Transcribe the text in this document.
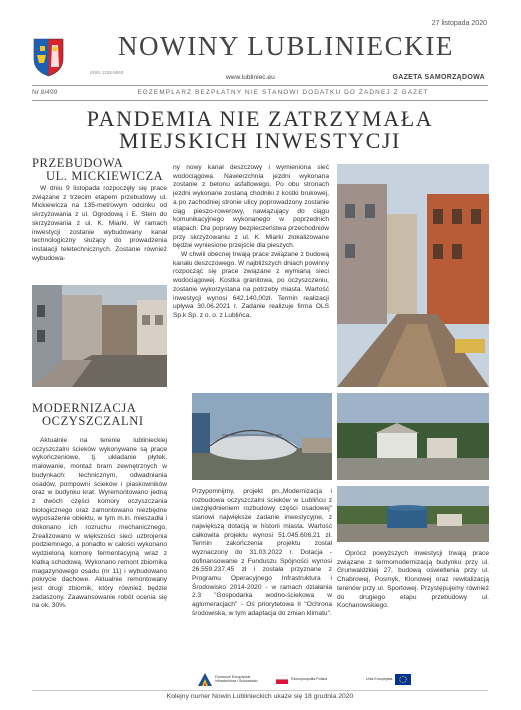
27 listopada 2020
NOWINY LUBLINIECKIE
ISSN 1234-5840
www.lubliniec.eu	GAZETA SAMORZĄDOWA
Nr 8/499	EGZEMPLARZ BEZPŁATNY NIE STANOWI DODATKU DO ŻADNEJ Z GAZET
PANDEMIA NIE ZATRZYMAŁA
MIEJSKICH INWESTYCJI
PRZEBUDOWA
UL. MICKIEWICZA

W dniu 9 listopada rozpoczęły się prace związane z trzecim etapem przebudowy ul. Mickiewicza na 135-metrowym odcinku od skrzyżowania z ul. Ogrodową i E. Stein do skrzyżowania z ul. K. Miarki. W ramach inwestycji zostanie wybudowany kanał technologiczny służący do prowadzenia instalacji teletechnicznych. Zostanie również wybudowa-

ny nowy kanał deszczowy i wymieniona sieć wodociągowa. Nawierzchnia jezdni wykonana zostanie z betonu asfaltowego. Po obu stronach jezdni wykonane zostaną chodniki z kostki brukowej, a po zachodniej stronie ulicy poprowadzony zostanie ciąg pieszo-rowerowy, nawiązujący do ciągu komunikacyjnego wykonanego w poprzednich etapach. Dla poprawy bezpieczeństwa przechodniów przy skrzyżowaniu z ul. K. Miarki zlokalizowane będzie wyniesione przejście dla pieszych.

W chwili obecnej trwają prace związane z budową kanału deszczowego. W najbliższych dniach powinny rozpocząć się prace związane z wymianą sieci wodociągowej. Kostka granitowa, po oczyszczeniu, zostanie wykorzystana na potrzeby miasta. Wartość inwestycji wynosi 642.140,00zł. Termin realizacji upływa 30.06.2021 r. Zadanie realizuje firma OLS Sp.k Sp. z o. o. z Lublińca.

MODERNIZACJA
OCZYSZCZALNI

Aktualnie na terenie lublinieckiej oczyszczalni ścieków wykonywane są prace wykończeniowe, tj. układanie płytek, malowanie, montaż bram zewnętrznych w budynkach: technicznym, odwadniania osadów, pompowni ścieków i piaskowników oraz w budynku krat. Wyremontowano jedną z dwóch części komory oczyszczania biologicznego oraz zamontowano niezbędne wyposażenie obiektu, w tym m.in. mieszadła i dokonano ich rozruchu mechanicznego. Zrealizowano w większości sieci uzbrojenia podziemnego, a ponadto w całości wykonano wydzieloną komorę fermentacyjną wraz z klatką schodową. Wykonano remont zbiornika magazynowego osadu (nr 11) i wybudowano pokrycie dachowe. Aktualnie remontowany jest drugi zbiornik, który również będzie zadaszony. Zaawansowanie robót ocenia się na ok. 30%.

Przypomnijmy, projekt pn.„Modernizacja i rozbudowa oczyszczalni ścieków w Lublińcu z uwzględnieniem rozbudowy części osadowej" stanowi największe zadanie inwestycyjne, z największą dotacją w historii miasta. Wartość całkowita projektu wynosi 51.045.606,21 zł. Termin zakończenia projektu został wyznaczony do 31.03.2022 r. Dotacja - dofinansowanie z Funduszu Spójności wynosi 26.559.237,45 zł i została przyznane z Programu Operacyjnego Infrastruktura i Środowisko 2014-2020 - w ramach działania 2.3 "Gospodarka wodno-ściekowa w aglomeracjach" - Oś priorytetowa II "Ochrona środowiska, w tym adaptacja do zmian klimatu".

Oprócz powyższych inwestycji trwają prace związane z termomodernizacją budynku przy ul. Grunwaldzkiej 27, budową oświetlenia przy ul. Chabrowej, Posmyk, Klonowej oraz rewitalizacją terenów przy ul. Sportowej. Przystępujemy również do drugiego etapu przebudowy ul. Kochanowskiego.

Fundusze Europejskie
Infrastruktura i Środowisko
Rzeczpospolita Polska	Unia Europejska
Kolejny numer Nowin Lublinieckich ukaże się 18 grudnia 2020
